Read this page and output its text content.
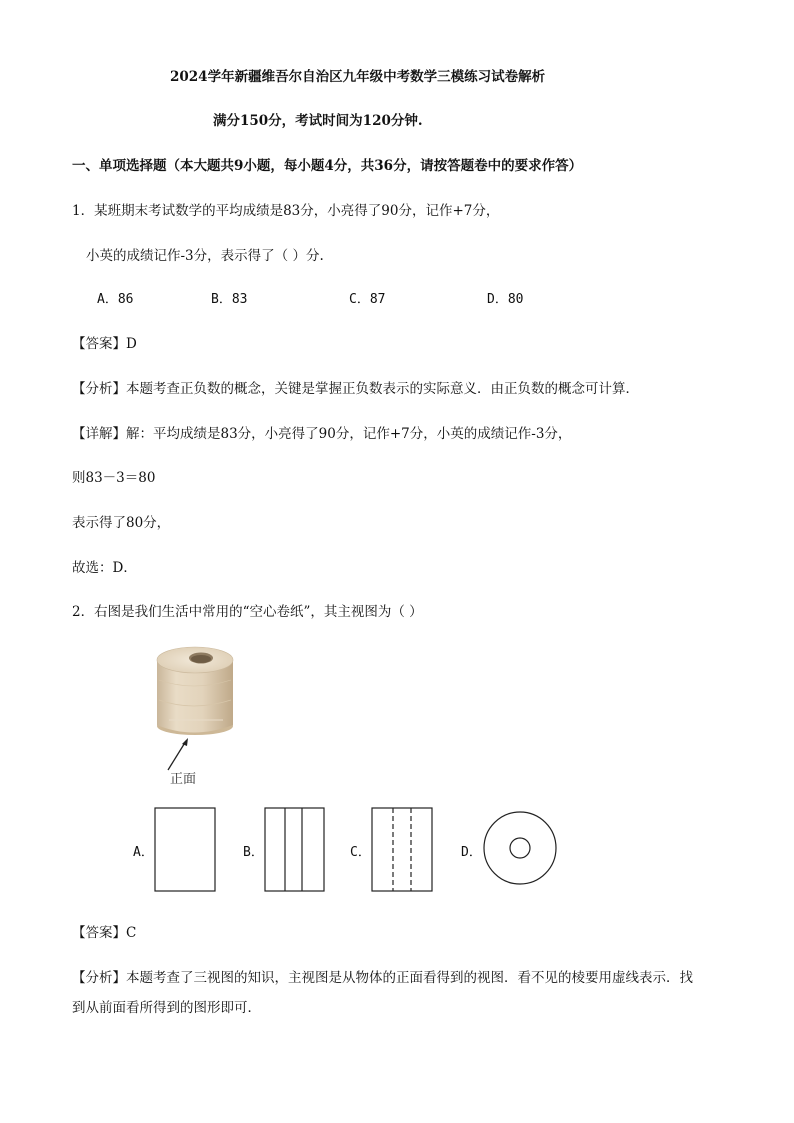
2024学年新疆维吾尔自治区九年级中考数学三模练习试卷解析
满分150分，考试时间为120分钟.
一、单项选择题（本大题共9小题，每小题4分，共36分，请按答题卷中的要求作答）
1．某班期末考试数学的平均成绩是83分，小亮得了90分，记作+7分，
小英的成绩记作-3分，表示得了（ ）分.
A．86	B．83	C．87	D．80
【答案】D
【分析】本题考查正负数的概念，关键是掌握正负数表示的实际意义．由正负数的概念可计算．
【详解】解：平均成绩是83分，小亮得了90分，记作+7分，小英的成绩记作-3分，
则83－3＝80
表示得了80分，
故选：D．
2．右图是我们生活中常用的“空心卷纸”，其主视图为（ ）
正面
A．	B．	C．	D．
【答案】C
【分析】本题考查了三视图的知识，主视图是从物体的正面看得到的视图．看不见的棱要用虚线表示．找
到从前面看所得到的图形即可．
